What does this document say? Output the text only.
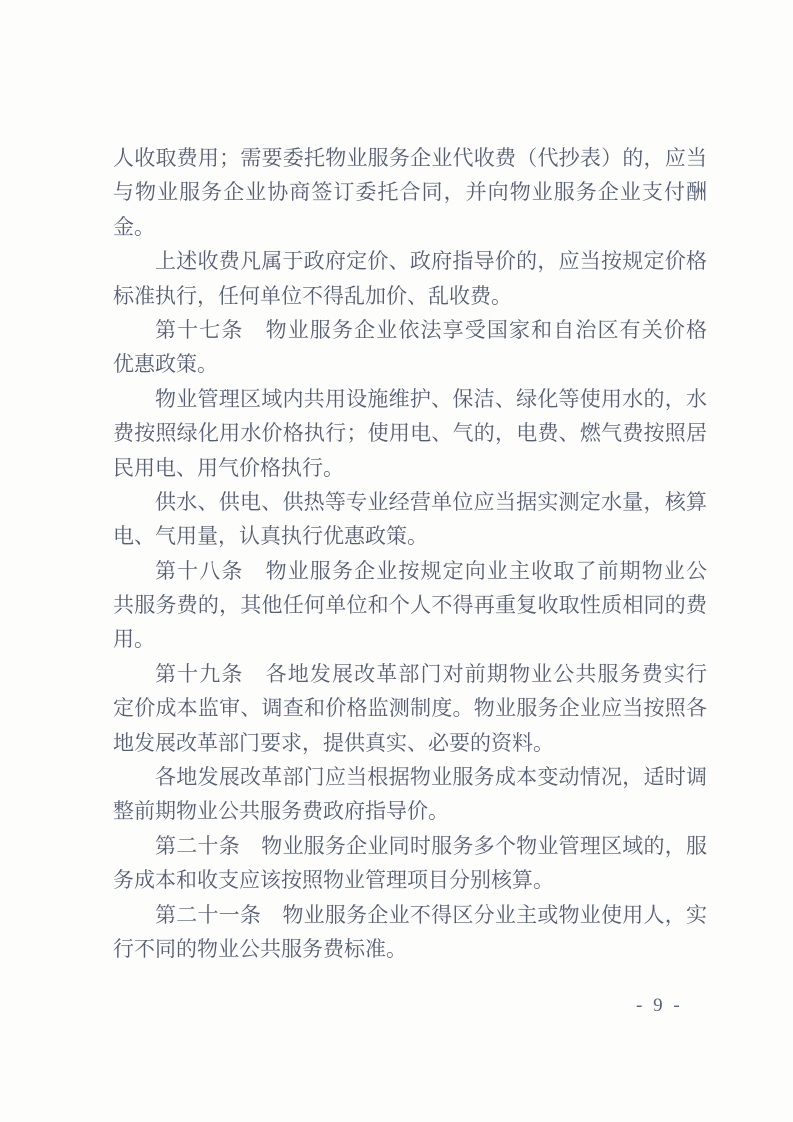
人收取费用；需要委托物业服务企业代收费（代抄表）的，应当
与物业服务企业协商签订委托合同，并向物业服务企业支付酬
金。
上述收费凡属于政府定价、政府指导价的，应当按规定价格
标准执行，任何单位不得乱加价、乱收费。
第十七条　物业服务企业依法享受国家和自治区有关价格
优惠政策。
物业管理区域内共用设施维护、保洁、绿化等使用水的，水
费按照绿化用水价格执行；使用电、气的，电费、燃气费按照居
民用电、用气价格执行。
供水、供电、供热等专业经营单位应当据实测定水量，核算
电、气用量，认真执行优惠政策。
第十八条　物业服务企业按规定向业主收取了前期物业公
共服务费的，其他任何单位和个人不得再重复收取性质相同的费
用。
第十九条　各地发展改革部门对前期物业公共服务费实行
定价成本监审、调查和价格监测制度。物业服务企业应当按照各
地发展改革部门要求，提供真实、必要的资料。
各地发展改革部门应当根据物业服务成本变动情况，适时调
整前期物业公共服务费政府指导价。
第二十条　物业服务企业同时服务多个物业管理区域的，服
务成本和收支应该按照物业管理项目分别核算。
第二十一条　物业服务企业不得区分业主或物业使用人，实
行不同的物业公共服务费标准。
- 9 -
